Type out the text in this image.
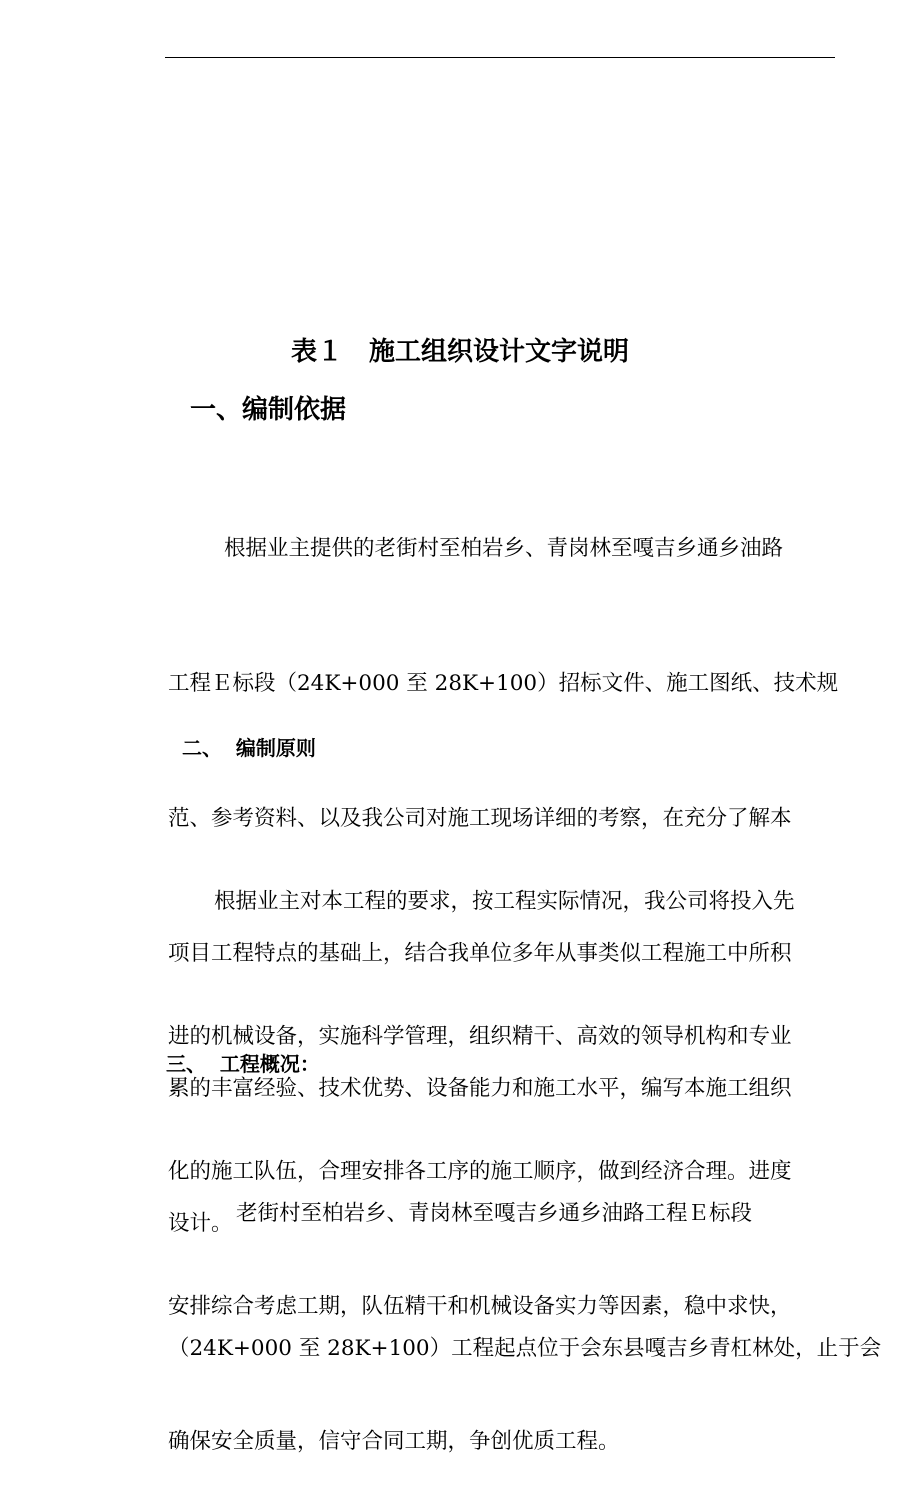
表１　施工组织设计文字说明
一、编制依据

根据业主提供的老街村至柏岩乡、青岗林至嘎吉乡通乡油路

工程Ｅ标段（24K+000 至 28K+100）招标文件、施工图纸、技术规

范、参考资料、以及我公司对施工现场详细的考察，在充分了解本

项目工程特点的基础上，结合我单位多年从事类似工程施工中所积

累的丰富经验、技术优势、设备能力和施工水平，编写本施工组织

设计。

二、  编制原则

根据业主对本工程的要求，按工程实际情况，我公司将投入先

进的机械设备，实施科学管理，组织精干、高效的领导机构和专业

化的施工队伍，合理安排各工序的施工顺序，做到经济合理。进度

安排综合考虑工期，队伍精干和机械设备实力等因素，稳中求快，

确保安全质量，信守合同工期，争创优质工程。

三、  工程概况：

老街村至柏岩乡、青岗林至嘎吉乡通乡油路工程Ｅ标段

（24K+000 至 28K+100）工程起点位于会东县嘎吉乡青杠林处，止于会
